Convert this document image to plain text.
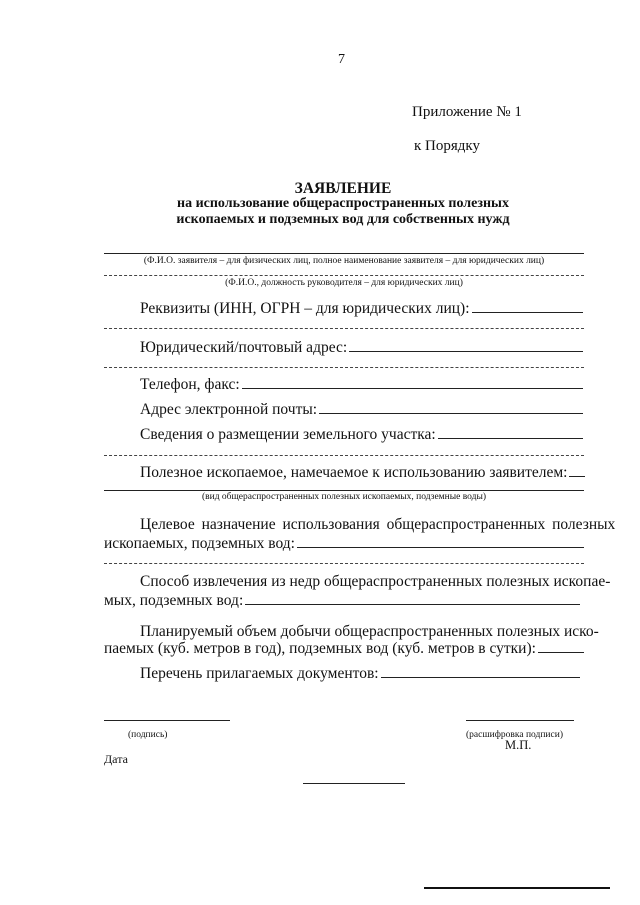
7
Приложение № 1
к Порядку
ЗАЯВЛЕНИЕ
на использование общераспространенных полезных
ископаемых и подземных вод для собственных нужд
(Ф.И.О. заявителя – для физических лиц, полное наименование заявителя – для юридических лиц)
(Ф.И.О., должность руководителя – для юридических лиц)
Реквизиты (ИНН, ОГРН – для юридических лиц):
Юридический/почтовый адрес:
Телефон, факс:
Адрес электронной почты:
Сведения о размещении земельного участка:
Полезное ископаемое, намечаемое к использованию заявителем:
(вид общераспространенных полезных ископаемых, подземные воды)
Целевое назначение использования общераспространенных полезных
ископаемых, подземных вод:
Способ извлечения из недр общераспространенных полезных ископае-
мых, подземных вод:
Планируемый объем добычи общераспространенных полезных иско-
паемых (куб. метров в год), подземных вод (куб. метров в сутки):
Перечень прилагаемых документов:
(подпись)	(расшифровка подписи)
М.П.
Дата
